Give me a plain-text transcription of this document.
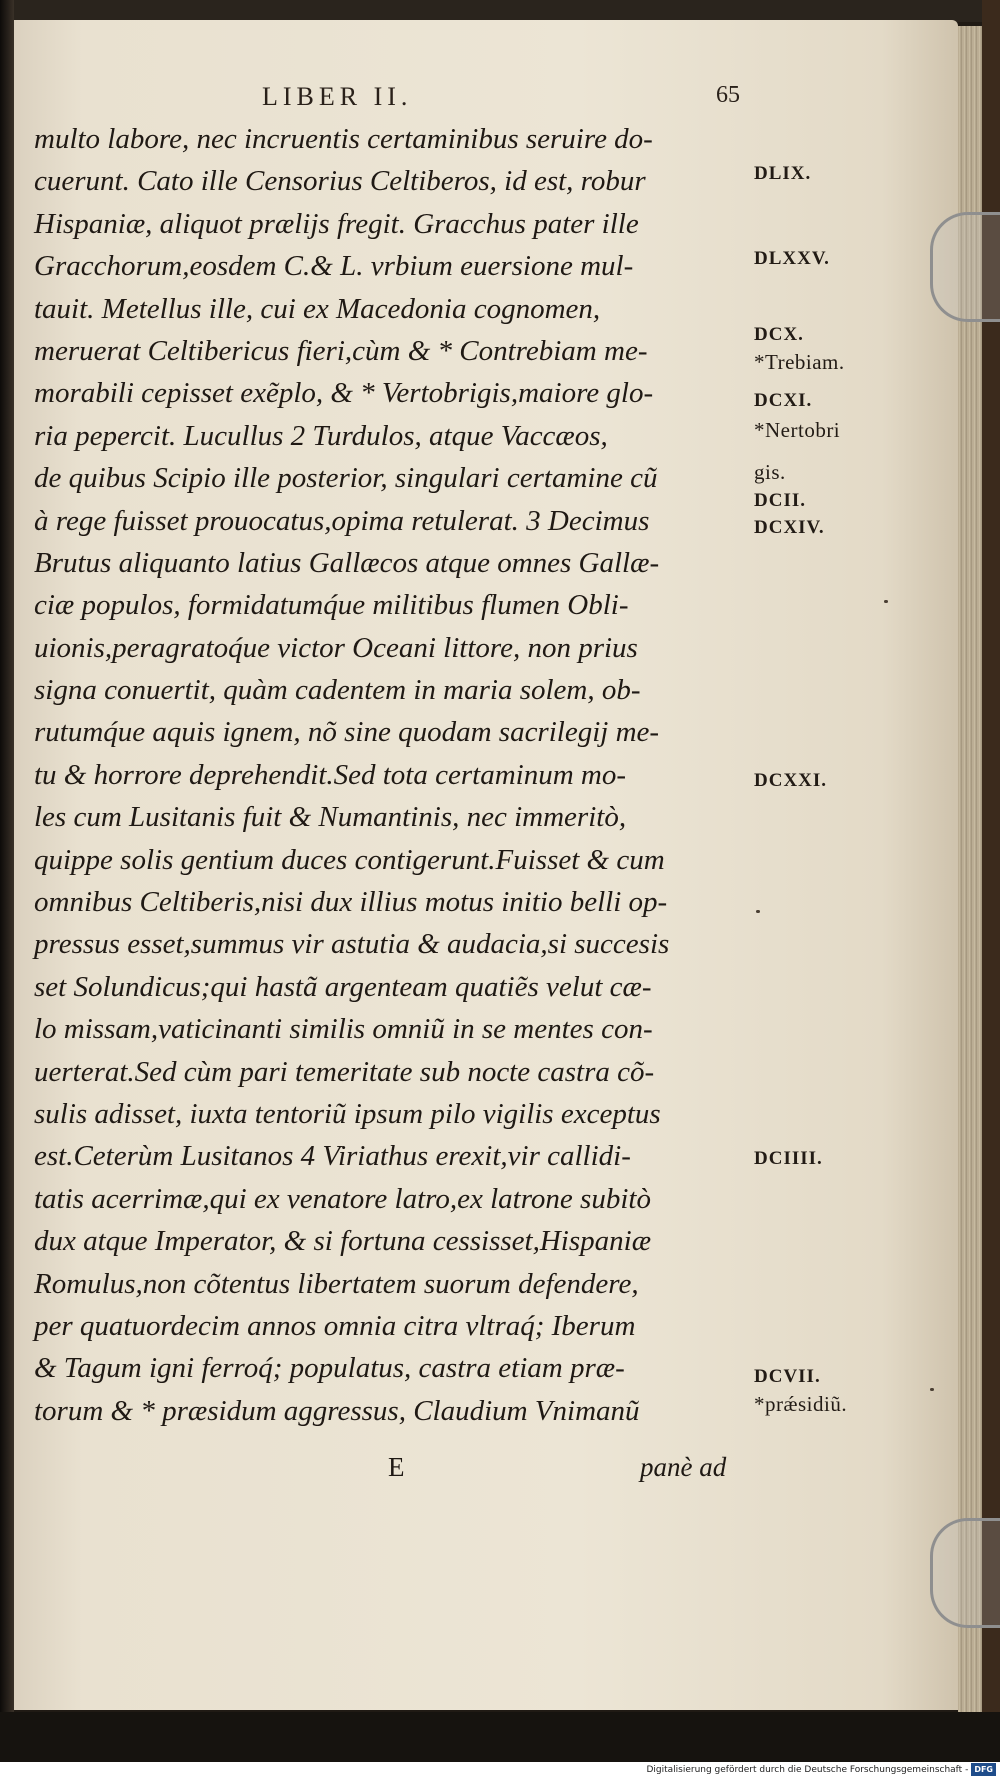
LIBER II.	65
multo labore, nec incruentis certaminibus seruire do-
cuerunt. Cato ille Censorius Celtiberos, id est, robur
Hispaniæ, aliquot prælijs fregit. Gracchus pater ille
Gracchorum,eosdem C.& L. vrbium euersione mul-
tauit. Metellus ille, cui ex Macedonia cognomen,
meruerat Celtibericus fieri,cùm & * Contrebiam me-
morabili cepisset exẽplo, & * Vertobrigis,maiore glo-
ria pepercit. Lucullus 2 Turdulos, atque Vaccæos,
de quibus Scipio ille posterior, singulari certamine cũ
à rege fuisset prouocatus,opima retulerat. 3 Decimus
Brutus aliquanto latius Gallæcos atque omnes Gallæ-
ciæ populos, formidatumq́ue militibus flumen Obli-
uionis,peragratoq́ue victor Oceani littore, non prius
signa conuertit, quàm cadentem in maria solem, ob-
rutumq́ue aquis ignem, nõ sine quodam sacrilegij me-
tu & horrore deprehendit.Sed tota certaminum mo-
les cum Lusitanis fuit & Numantinis, nec immeritò,
quippe solis gentium duces contigerunt.Fuisset & cum
omnibus Celtiberis,nisi dux illius motus initio belli op-
pressus esset,summus vir astutia & audacia,si succesis
set Solundicus;qui hastã argenteam quatiẽs velut cæ-
lo missam,vaticinanti similis omniũ in se mentes con-
uerterat.Sed cùm pari temeritate sub nocte castra cõ-
sulis adisset, iuxta tentoriũ ipsum pilo vigilis exceptus
est.Ceterùm Lusitanos 4 Viriathus erexit,vir callidi-
tatis acerrimæ,qui ex venatore latro,ex latrone subitò
dux atque Imperator, & si fortuna cessisset,Hispaniæ
Romulus,non cõtentus libertatem suorum defendere,
per quatuordecim annos omnia citra vltraq́; Iberum
& Tagum igni ferroq́; populatus, castra etiam præ-
torum & * præsidum aggressus, Claudium Vnimanũ
E	panè ad
DLIX.
DLXXV.
DCX.
*Trebiam.
DCXI.
*Nertobri
gis.
DCII.
DCXIV.
DCXXI.
DCIIII.
DCVII.
*prǽsidiũ.
Digitalisierung gefördert durch die Deutsche Forschungsgemeinschaft - DFG
